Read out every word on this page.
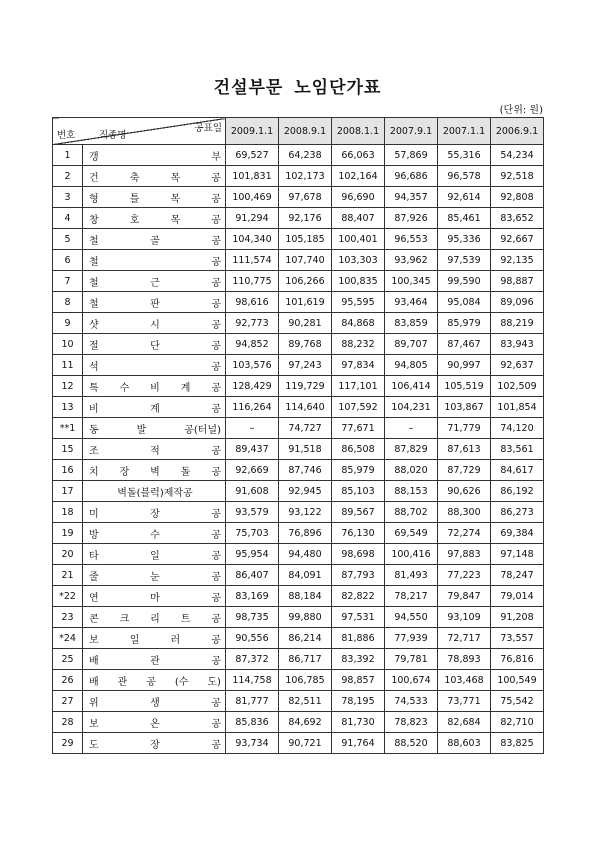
건설부문 노임단가표
(단위: 원)
공표일
번호 직종명		2009.1.1	2008.9.1	2008.1.1	2007.9.1	2007.1.1	2006.9.1
1	갱 부	69,527	64,238	66,063	57,869	55,316	54,234
2	건 축 목 공	101,831	102,173	102,164	96,686	96,578	92,518
3	형 틀 목 공	100,469	97,678	96,690	94,357	92,614	92,808
4	창 호 목 공	91,294	92,176	88,407	87,926	85,461	83,652
5	철 골 공	104,340	105,185	100,401	96,553	95,336	92,667
6	철 공	111,574	107,740	103,303	93,962	97,539	92,135
7	철 근 공	110,775	106,266	100,835	100,345	99,590	98,887
8	철 판 공	98,616	101,619	95,595	93,464	95,084	89,096
9	샷 시 공	92,773	90,281	84,868	83,859	85,979	88,219
10	절 단 공	94,852	89,768	88,232	89,707	87,467	83,943
11	석 공	103,576	97,243	97,834	94,805	90,997	92,637
12	특 수 비 계 공	128,429	119,729	117,101	106,414	105,519	102,509
13	비 계 공	116,264	114,640	107,592	104,231	103,867	101,854
**1	동 발 공(터널)	–	74,727	77,671	–	71,779	74,120
15	조 적 공	89,437	91,518	86,508	87,829	87,613	83,561
16	치 장 벽 돌 공	92,669	87,746	85,979	88,020	87,729	84,617
17	벽돌(블럭)제작공	91,608	92,945	85,103	88,153	90,626	86,192
18	미 장 공	93,579	93,122	89,567	88,702	88,300	86,273
19	방 수 공	75,703	76,896	76,130	69,549	72,274	69,384
20	타 일 공	95,954	94,480	98,698	100,416	97,883	97,148
21	줄 눈 공	86,407	84,091	87,793	81,493	77,223	78,247
*22	연 마 공	83,169	88,184	82,822	78,217	79,847	79,014
23	콘 크 리 트 공	98,735	99,880	97,531	94,550	93,109	91,208
*24	보 일 러 공	90,556	86,214	81,886	77,939	72,717	73,557
25	배 관 공	87,372	86,717	83,392	79,781	78,893	76,816
26	배 관 공 (수 도)	114,758	106,785	98,857	100,674	103,468	100,549
27	위 생 공	81,777	82,511	78,195	74,533	73,771	75,542
28	보 온 공	85,836	84,692	81,730	78,823	82,684	82,710
29	도 장 공	93,734	90,721	91,764	88,520	88,603	83,825
